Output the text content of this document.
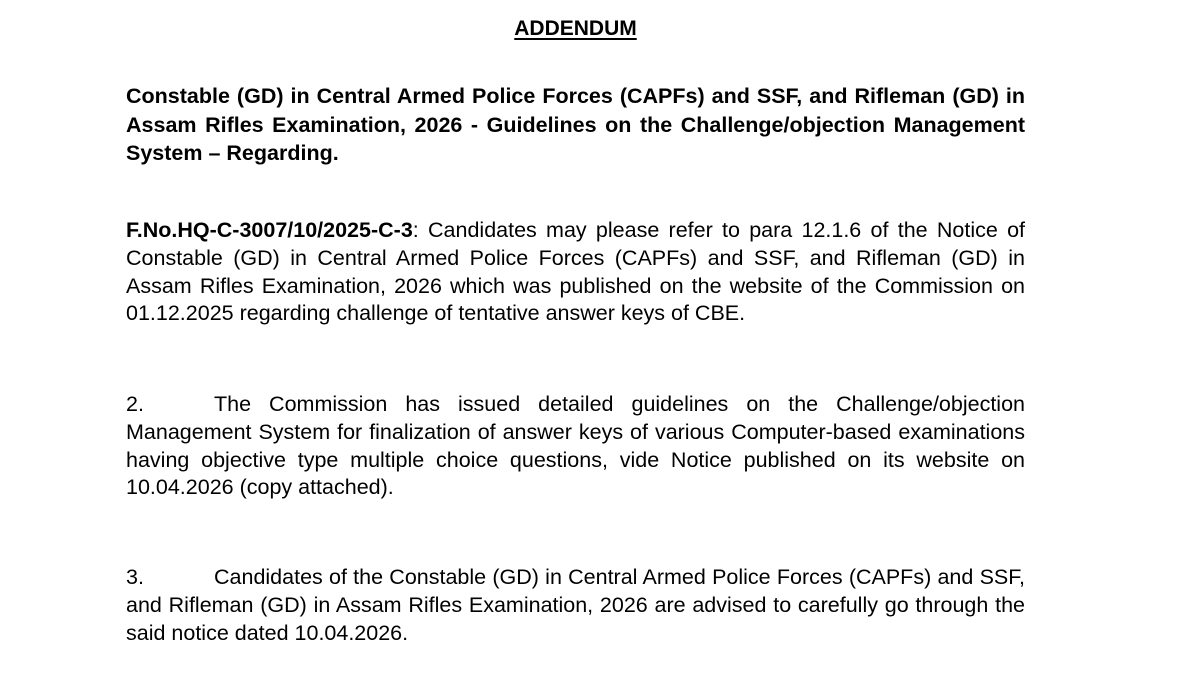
ADDENDUM
Constable (GD) in Central Armed Police Forces (CAPFs) and SSF, and Rifleman (GD) in Assam Rifles Examination, 2026 - Guidelines on the Challenge/objection Management System – Regarding.
F.No.HQ-C-3007/10/2025-C-3: Candidates may please refer to para 12.1.6 of the Notice of Constable (GD) in Central Armed Police Forces (CAPFs) and SSF, and Rifleman (GD) in Assam Rifles Examination, 2026 which was published on the website of the Commission on 01.12.2025 regarding challenge of tentative answer keys of CBE.
2.	The Commission has issued detailed guidelines on the Challenge/objection Management System for finalization of answer keys of various Computer-based examinations having objective type multiple choice questions, vide Notice published on its website on 10.04.2026 (copy attached).
3.	Candidates of the Constable (GD) in Central Armed Police Forces (CAPFs) and SSF, and Rifleman (GD) in Assam Rifles Examination, 2026 are advised to carefully go through the said notice dated 10.04.2026.
